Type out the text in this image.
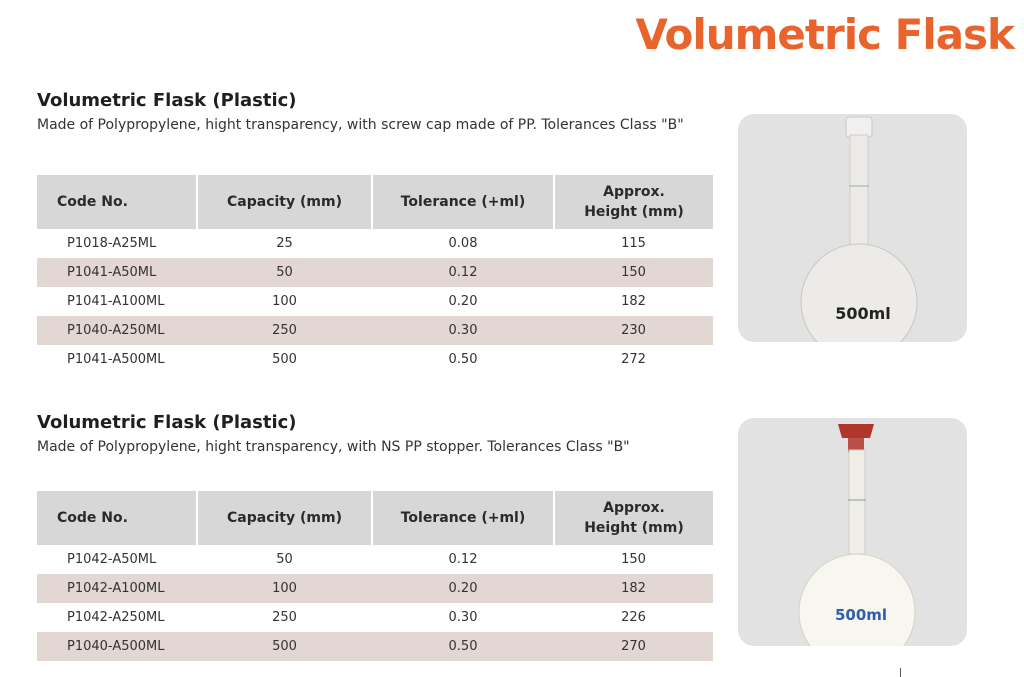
Volumetric Flask
Volumetric Flask (Plastic)
Made of Polypropylene, hight transparency, with screw cap made of PP. Tolerances Class "B"
Code No.	Capacity (mm)	Tolerance (+ml)	Approx.
Height (mm)
P1018-A25ML	25	0.08	115
P1041-A50ML	50	0.12	150
P1041-A100ML	100	0.20	182
P1040-A250ML	250	0.30	230
P1041-A500ML	500	0.50	272
Volumetric Flask (Plastic)
Made of Polypropylene, hight transparency, with NS PP stopper. Tolerances Class "B"
Code No.	Capacity (mm)	Tolerance (+ml)	Approx.
Height (mm)
P1042-A50ML	50	0.12	150
P1042-A100ML	100	0.20	182
P1042-A250ML	250	0.30	226
P1040-A500ML	500	0.50	270
500ml
500ml
